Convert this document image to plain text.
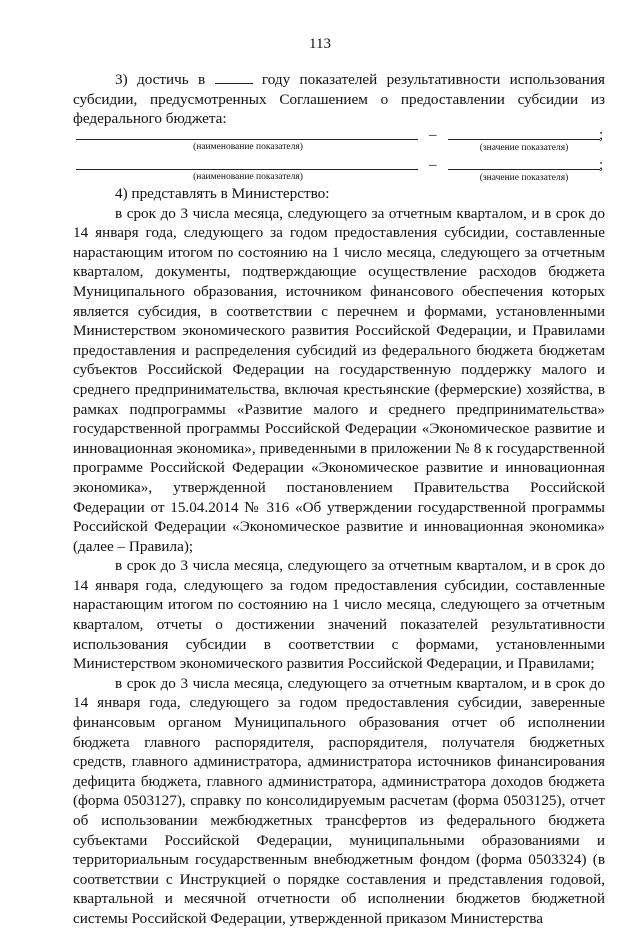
113

3) достичь в	году показателей результативности использования субсидии, предусмотренных Соглашением о предоставлении субсидии из федерального бюджета:

–	;
(наименование показателя)	(значение показателя)
–	;
(наименование показателя)	(значение показателя)

4) представлять в Министерство:

в срок до 3 числа месяца, следующего за отчетным кварталом, и в срок до 14 января года, следующего за годом предоставления субсидии, составленные нарастающим итогом по состоянию на 1 число месяца, следующего за отчетным кварталом, документы, подтверждающие осуществление расходов бюджета Муниципального образования, источником финансового обеспечения которых является субсидия, в соответствии с перечнем и формами, установленными Министерством экономического развития Российской Федерации, и Правилами предоставления и распределения субсидий из федерального бюджета бюджетам субъектов Российской Федерации на государственную поддержку малого и среднего предпринимательства, включая крестьянские (фермерские) хозяйства, в рамках подпрограммы «Развитие малого и среднего предпринимательства» государственной программы Российской Федерации «Экономическое развитие и инновационная экономика», приведенными в приложении № 8 к государственной программе Российской Федерации «Экономическое развитие и инновационная экономика», утвержденной постановлением Правительства Российской Федерации от 15.04.2014 № 316 «Об утверждении государственной программы Российской Федерации «Экономическое развитие и инновационная экономика» (далее – Правила);

в срок до 3 числа месяца, следующего за отчетным кварталом, и в срок до 14 января года, следующего за годом предоставления субсидии, составленные нарастающим итогом по состоянию на 1 число месяца, следующего за отчетным кварталом, отчеты о достижении значений показателей результативности использования субсидии в соответствии с формами, установленными Министерством экономического развития Российской Федерации, и Правилами;

в срок до 3 числа месяца, следующего за отчетным кварталом, и в срок до 14 января года, следующего за годом предоставления субсидии, заверенные финансовым органом Муниципального образования отчет об исполнении бюджета главного распорядителя, распорядителя, получателя бюджетных средств, главного администратора, администратора источников финансирования дефицита бюджета, главного администратора, администратора доходов бюджета (форма 0503127), справку по консолидируемым расчетам (форма 0503125), отчет об использовании межбюджетных трансфертов из федерального бюджета субъектами Российской Федерации, муниципальными образованиями и территориальным государственным внебюджетным фондом (форма 0503324) (в соответствии с Инструкцией о порядке составления и представления годовой, квартальной и месячной отчетности об исполнении бюджетов бюджетной системы Российской Федерации, утвержденной приказом Министерства
